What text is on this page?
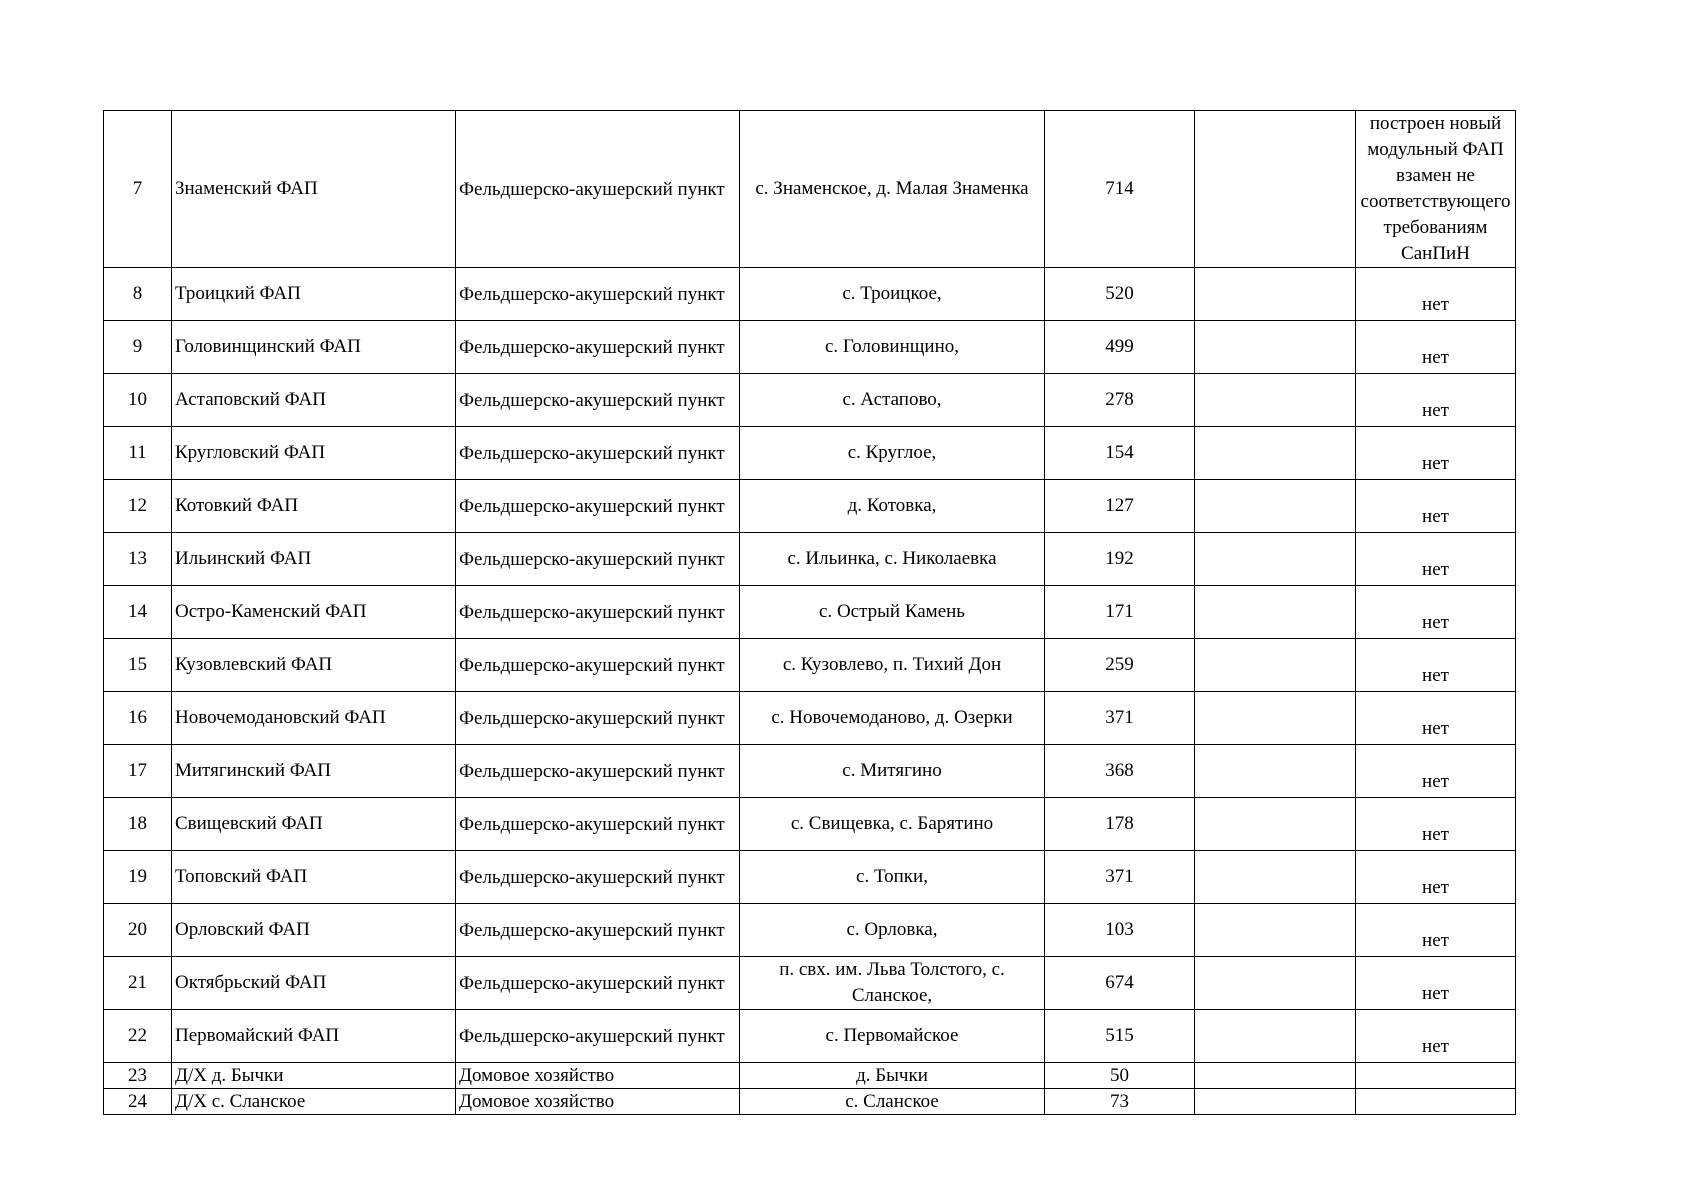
7	Знаменский ФАП	Фельдшерско-акушерский пункт	с. Знаменское, д. Малая Знаменка	714		построен новый модульный ФАП взамен не соответствующего требованиям СанПиН
8	Троицкий ФАП	Фельдшерско-акушерский пункт	с. Троицкое,	520		нет
9	Головинщинский ФАП	Фельдшерско-акушерский пункт	с. Головинщино,	499		нет
10	Астаповский ФАП	Фельдшерско-акушерский пункт	с. Астапово,	278		нет
11	Кругловский ФАП	Фельдшерско-акушерский пункт	с. Круглое,	154		нет
12	Котовкий ФАП	Фельдшерско-акушерский пункт	д. Котовка,	127		нет
13	Ильинский ФАП	Фельдшерско-акушерский пункт	с. Ильинка, с. Николаевка	192		нет
14	Остро-Каменский ФАП	Фельдшерско-акушерский пункт	с. Острый Камень	171		нет
15	Кузовлевский ФАП	Фельдшерско-акушерский пункт	с. Кузовлево, п. Тихий Дон	259		нет
16	Новочемодановский ФАП	Фельдшерско-акушерский пункт	с. Новочемоданово, д. Озерки	371		нет
17	Митягинский ФАП	Фельдшерско-акушерский пункт	с. Митягино	368		нет
18	Свищевский ФАП	Фельдшерско-акушерский пункт	с. Свищевка, с. Барятино	178		нет
19	Топовский ФАП	Фельдшерско-акушерский пункт	с. Топки,	371		нет
20	Орловский ФАП	Фельдшерско-акушерский пункт	с. Орловка,	103		нет
21	Октябрьский ФАП	Фельдшерско-акушерский пункт	п. свх. им. Льва Толстого, с. Сланское,	674		нет
22	Первомайский ФАП	Фельдшерско-акушерский пункт	с. Первомайское	515		нет
23	Д/Х д. Бычки	Домовое хозяйство	д. Бычки	50		
24	Д/Х с. Сланское	Домовое хозяйство	с. Сланское	73		
